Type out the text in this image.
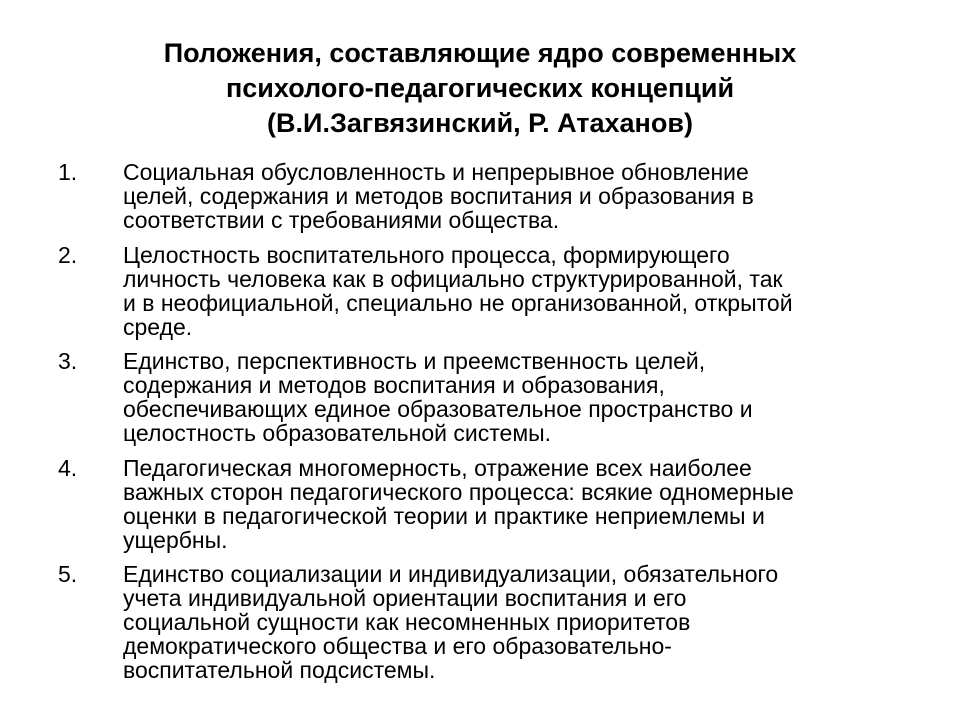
Положения, составляющие ядро современных
психолого-педагогических концепций
(В.И.Загвязинский, Р. Атаханов)
1. Социальная обусловленность и непрерывное обновление
целей, содержания и методов воспитания и образования в
соответствии с требованиями общества.
2. Целостность воспитательного процесса, формирующего
личность человека как в официально структурированной, так
и в неофициальной, специально не организованной, открытой
среде.
3. Единство, перспективность и преемственность целей,
содержания и методов воспитания и образования,
обеспечивающих единое образовательное пространство и
целостность образовательной системы.
4. Педагогическая многомерность, отражение всех наиболее
важных сторон педагогического процесса: всякие одномерные
оценки в педагогической теории и практике неприемлемы и
ущербны.
5. Единство социализации и индивидуализации, обязательного
учета индивидуальной ориентации воспитания и его
социальной сущности как несомненных приоритетов
демократического общества и его образовательно-
воспитательной подсистемы.
